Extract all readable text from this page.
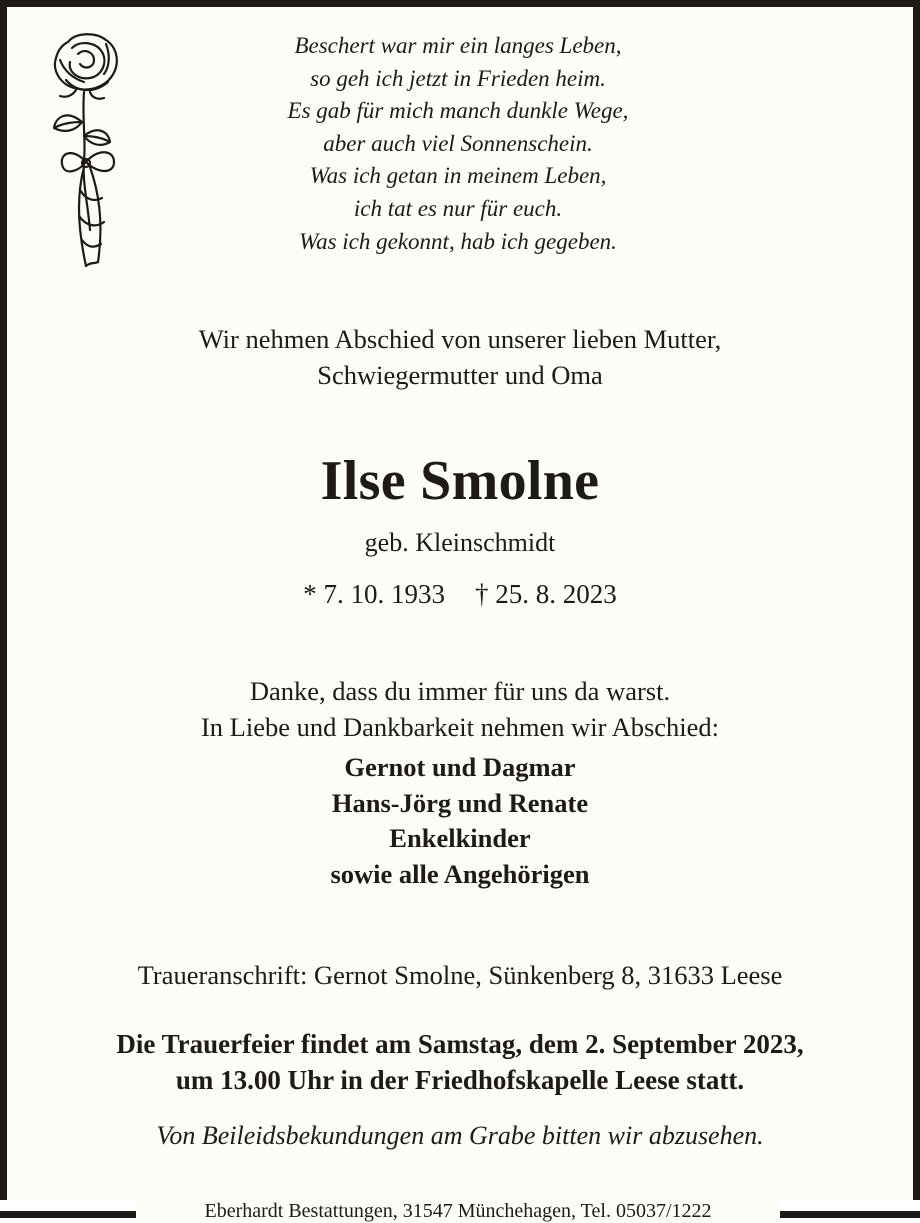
Beschert war mir ein langes Leben,
so geh ich jetzt in Frieden heim.
Es gab für mich manch dunkle Wege,
aber auch viel Sonnenschein.
Was ich getan in meinem Leben,
ich tat es nur für euch.
Was ich gekonnt, hab ich gegeben.
Wir nehmen Abschied von unserer lieben Mutter,
Schwiegermutter und Oma
Ilse Smolne
geb. Kleinschmidt
* 7. 10. 1933 † 25. 8. 2023
Danke, dass du immer für uns da warst.
In Liebe und Dankbarkeit nehmen wir Abschied:
Gernot und Dagmar
Hans-Jörg und Renate
Enkelkinder
sowie alle Angehörigen
Traueranschrift: Gernot Smolne, Sünkenberg 8, 31633 Leese
Die Trauerfeier findet am Samstag, dem 2. September 2023,
um 13.00 Uhr in der Friedhofskapelle Leese statt.
Von Beileidsbekundungen am Grabe bitten wir abzusehen.
Eberhardt Bestattungen, 31547 Münchehagen, Tel. 05037/1222
